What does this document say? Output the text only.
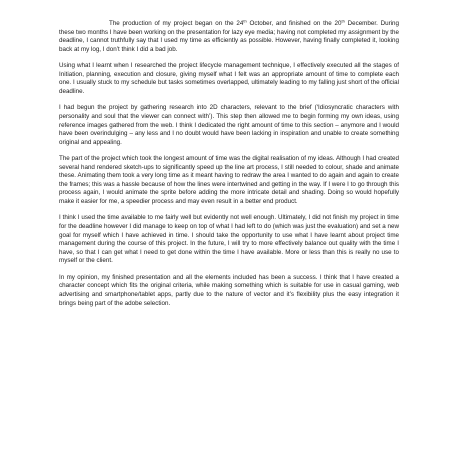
The production of my project began on the 24th October, and finished on the 20th December. During these two months I have been working on the presentation for lazy eye media; having not completed my assignment by the deadline, I cannot truthfully say that I used my time as efficiently as possible. However, having finally completed it, looking back at my log, I don’t think I did a bad job.

Using what I learnt when I researched the project lifecycle management technique, I effectively executed all the stages of Initiation, planning, execution and closure, giving myself what I felt was an appropriate amount of time to complete each one. I usually stuck to my schedule but tasks sometimes overlapped, ultimately leading to my falling just short of the official deadline.

I had begun the project by gathering research into 2D characters, relevant to the brief (‘Idiosyncratic characters with personality and soul that the viewer can connect with’). This step then allowed me to begin forming my own ideas, using reference images gathered from the web. I think I dedicated the right amount of time to this section – anymore and I would have been overindulging – any less and I no doubt would have been lacking in inspiration and unable to create something original and appealing.

The part of the project which took the longest amount of time was the digital realisation of my ideas. Although I had created several hand rendered sketch-ups to significantly speed up the line art process, I still needed to colour, shade and animate these. Animating them took a very long time as it meant having to redraw the area I wanted to do again and again to create the frames; this was a hassle because of how the lines were intertwined and getting in the way. If I were I to go through this process again, I would animate the sprite before adding the more intricate detail and shading. Doing so would hopefully make it easier for me, a speedier process and may even result in a better end product.

I think I used the time available to me fairly well but evidently not well enough. Ultimately, I did not finish my project in time for the deadline however I did manage to keep on top of what I had left to do (which was just the evaluation) and set a new goal for myself which I have achieved in time. I should take the opportunity to use what I have learnt about project time management during the course of this project. In the future, I will try to more effectively balance out quality with the time I have, so that I can get what I need to get done within the time I have available. More or less than this is really no use to myself or the client.

In my opinion, my finished presentation and all the elements included has been a success. I think that I have created a character concept which fits the original criteria, while making something which is suitable for use in casual gaming, web advertising and smartphone/tablet apps, partly due to the nature of vector and it’s flexibility plus the easy integration it brings being part of the adobe selection.
